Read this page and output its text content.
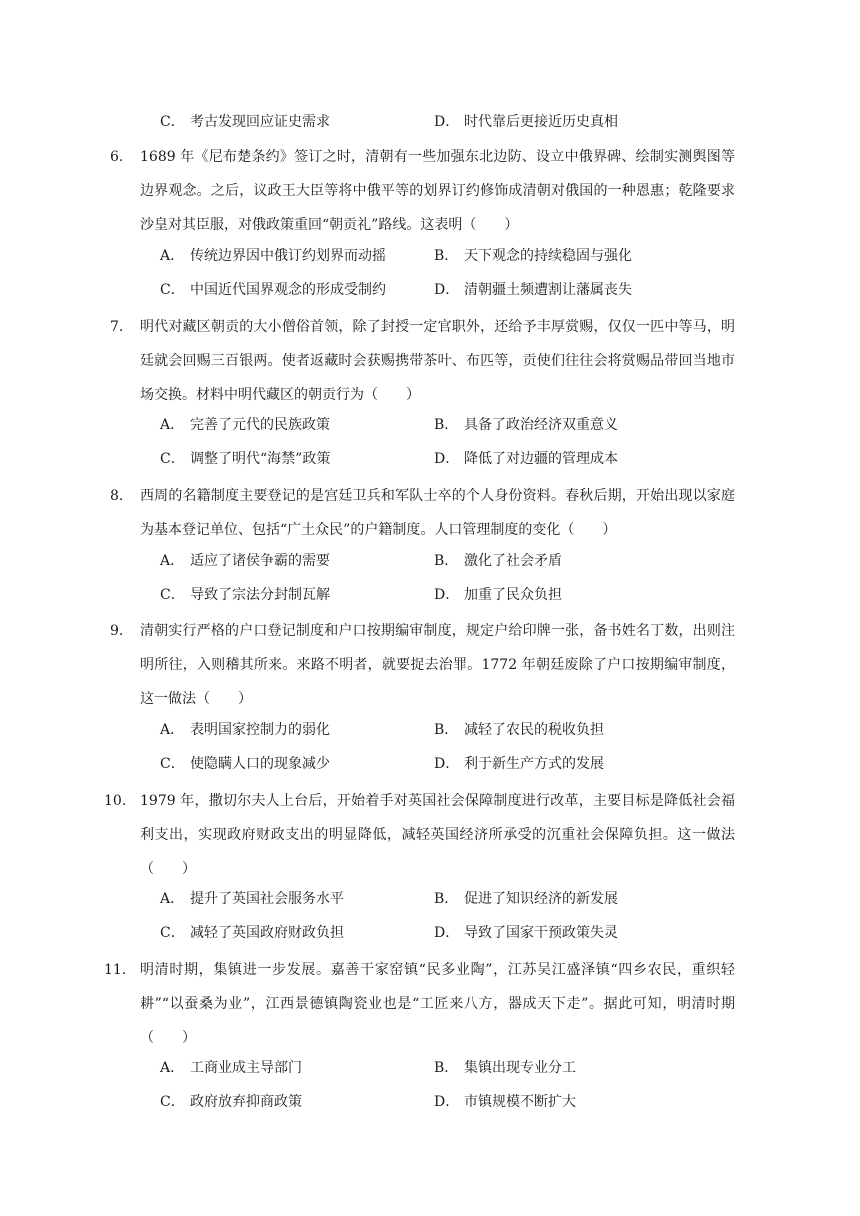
C． 考古发现回应证史需求	D． 时代靠后更接近历史真相
6.	1689 年《尼布楚条约》签订之时，清朝有一些加强东北边防、设立中俄界碑、绘制实测舆图等边界观念。之后，议政王大臣等将中俄平等的划界订约修饰成清朝对俄国的一种恩惠；乾隆要求沙皇对其臣服，对俄政策重回“朝贡礼”路线。这表明（　　）
A． 传统边界因中俄订约划界而动摇	B． 天下观念的持续稳固与强化
C． 中国近代国界观念的形成受制约	D． 清朝疆土频遭割让藩属丧失
7.	明代对藏区朝贡的大小僧俗首领，除了封授一定官职外，还给予丰厚赏赐，仅仅一匹中等马，明廷就会回赐三百银两。使者返藏时会获赐携带茶叶、布匹等，贡使们往往会将赏赐品带回当地市场交换。材料中明代藏区的朝贡行为（　　）
A． 完善了元代的民族政策	B． 具备了政治经济双重意义
C． 调整了明代“海禁”政策	D． 降低了对边疆的管理成本
8.	西周的名籍制度主要登记的是宫廷卫兵和军队士卒的个人身份资料。春秋后期，开始出现以家庭为基本登记单位、包括“广土众民”的户籍制度。人口管理制度的变化（　　）
A． 适应了诸侯争霸的需要	B． 激化了社会矛盾
C． 导致了宗法分封制瓦解	D． 加重了民众负担
9.	清朝实行严格的户口登记制度和户口按期编审制度，规定户给印牌一张，备书姓名丁数，出则注明所往，入则稽其所来。来路不明者，就要捉去治罪。1772 年朝廷废除了户口按期编审制度，这一做法（　　）
A． 表明国家控制力的弱化	B． 减轻了农民的税收负担
C． 使隐瞒人口的现象减少	D． 利于新生产方式的发展
10. 1979 年，撒切尔夫人上台后，开始着手对英国社会保障制度进行改革，主要目标是降低社会福利支出，实现政府财政支出的明显降低，减轻英国经济所承受的沉重社会保障负担。这一做法（　　）
A． 提升了英国社会服务水平	B． 促进了知识经济的新发展
C． 减轻了英国政府财政负担	D． 导致了国家干预政策失灵
11. 明清时期，集镇进一步发展。嘉善干家窑镇“民多业陶”，江苏吴江盛泽镇“四乡农民，重织轻耕”“以蚕桑为业”，江西景德镇陶瓷业也是“工匠来八方，器成天下走”。据此可知，明清时期（　　）
A． 工商业成主导部门	B． 集镇出现专业分工
C． 政府放弃抑商政策	D． 市镇规模不断扩大
